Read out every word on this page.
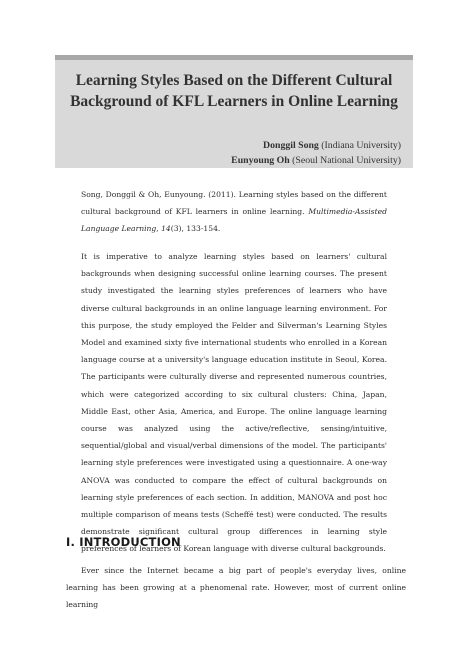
Learning Styles Based on the Different Cultural
Background of KFL Learners in Online Learning
Donggil Song (Indiana University)
Eunyoung Oh (Seoul National University)

Song, Donggil & Oh, Eunyoung. (2011). Learning styles based on the different cultural background of KFL learners in online learning. Multimedia-Assisted Language Learning, 14(3), 133-154.

It is imperative to analyze learning styles based on learners' cultural backgrounds when designing successful online learning courses. The present study investigated the learning styles preferences of learners who have diverse cultural backgrounds in an online language learning environment. For this purpose, the study employed the Felder and Silverman's Learning Styles Model and examined sixty five international students who enrolled in a Korean language course at a university's language education institute in Seoul, Korea. The participants were culturally diverse and represented numerous countries, which were categorized according to six cultural clusters: China, Japan, Middle East, other Asia, America, and Europe. The online language learning course was analyzed using the active/reflective, sensing/intuitive, sequential/global and visual/verbal dimensions of the model. The participants' learning style preferences were investigated using a questionnaire. A one-way ANOVA was conducted to compare the effect of cultural backgrounds on learning style preferences of each section. In addition, MANOVA and post hoc multiple comparison of means tests (Scheffé test) were conducted. The results demonstrate significant cultural group differences in learning style preferences of learners of Korean language with diverse cultural backgrounds.

Ⅰ. INTRODUCTION

Ever since the Internet became a big part of people's everyday lives, online learning has been growing at a phenomenal rate. However, most of current online learning
